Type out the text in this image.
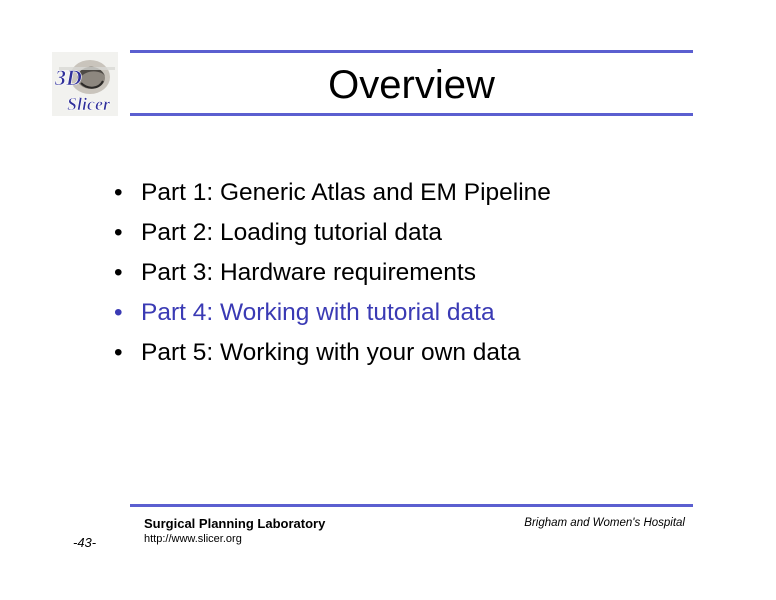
3D
Slicer	Overview
• Part 1: Generic Atlas and EM Pipeline
• Part 2: Loading tutorial data
• Part 3: Hardware requirements
• Part 4: Working with tutorial data
• Part 5: Working with your own data
Surgical Planning Laboratory
http://www.slicer.org
Brigham and Women's Hospital
-43-
